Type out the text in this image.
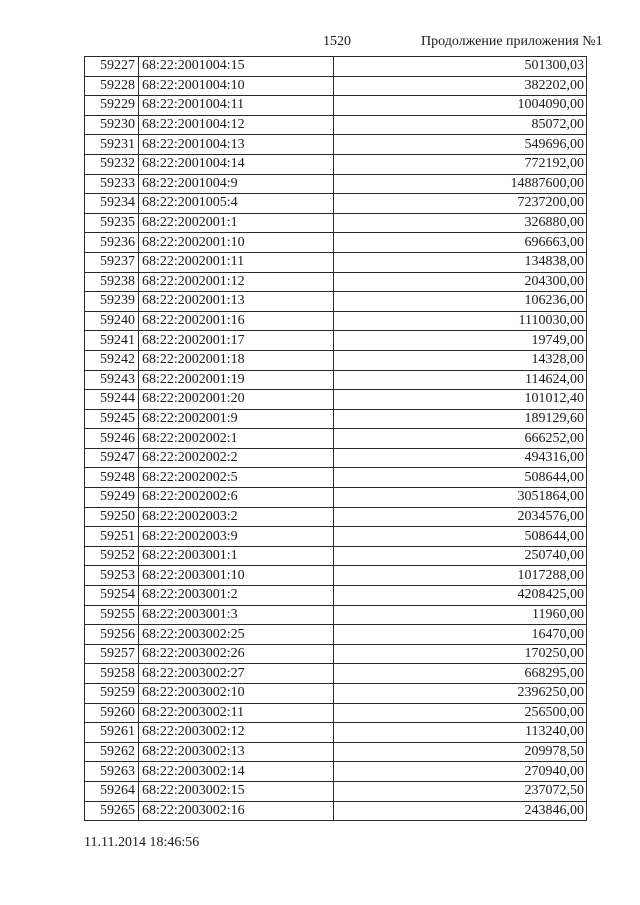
1520	Продолжение приложения №1
59227	68:22:2001004:15	501300,03
59228	68:22:2001004:10	382202,00
59229	68:22:2001004:11	1004090,00
59230	68:22:2001004:12	85072,00
59231	68:22:2001004:13	549696,00
59232	68:22:2001004:14	772192,00
59233	68:22:2001004:9	14887600,00
59234	68:22:2001005:4	7237200,00
59235	68:22:2002001:1	326880,00
59236	68:22:2002001:10	696663,00
59237	68:22:2002001:11	134838,00
59238	68:22:2002001:12	204300,00
59239	68:22:2002001:13	106236,00
59240	68:22:2002001:16	1110030,00
59241	68:22:2002001:17	19749,00
59242	68:22:2002001:18	14328,00
59243	68:22:2002001:19	114624,00
59244	68:22:2002001:20	101012,40
59245	68:22:2002001:9	189129,60
59246	68:22:2002002:1	666252,00
59247	68:22:2002002:2	494316,00
59248	68:22:2002002:5	508644,00
59249	68:22:2002002:6	3051864,00
59250	68:22:2002003:2	2034576,00
59251	68:22:2002003:9	508644,00
59252	68:22:2003001:1	250740,00
59253	68:22:2003001:10	1017288,00
59254	68:22:2003001:2	4208425,00
59255	68:22:2003001:3	11960,00
59256	68:22:2003002:25	16470,00
59257	68:22:2003002:26	170250,00
59258	68:22:2003002:27	668295,00
59259	68:22:2003002:10	2396250,00
59260	68:22:2003002:11	256500,00
59261	68:22:2003002:12	113240,00
59262	68:22:2003002:13	209978,50
59263	68:22:2003002:14	270940,00
59264	68:22:2003002:15	237072,50
59265	68:22:2003002:16	243846,00
11.11.2014 18:46:56
